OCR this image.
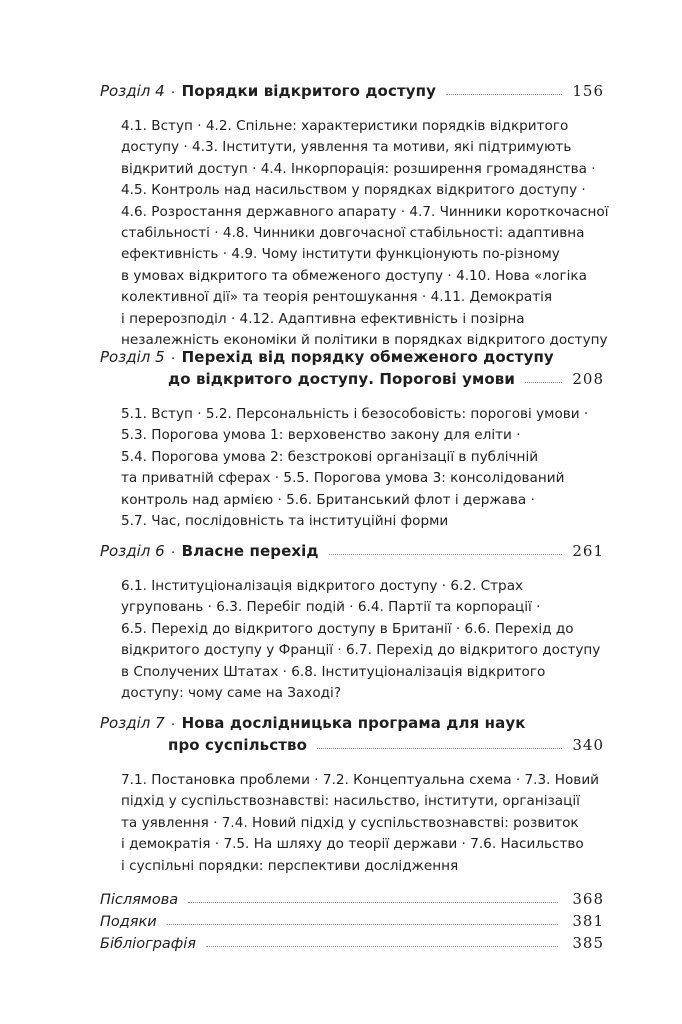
Розділ 4 · Порядки відкритого доступу	156
4.1. Вступ · 4.2. Спільне: характеристики порядків відкритого
доступу · 4.3. Інститути, уявлення та мотиви, які підтримують
відкритий доступ · 4.4. Інкорпорація: розширення громадянства ·
4.5. Контроль над насильством у порядках відкритого доступу ·
4.6. Розростання державного апарату · 4.7. Чинники короткочасної
стабільності · 4.8. Чинники довгочасної стабільності: адаптивна
ефективність · 4.9. Чому інститути функціонують по-різному
в умовах відкритого та обмеженого доступу · 4.10. Нова «логіка
колективної дії» та теорія рентошукання · 4.11. Демократія
і перерозподіл · 4.12. Адаптивна ефективність і позірна
незалежність економіки й політики в порядках відкритого доступу
Розділ 5 · Перехід від порядку обмеженого доступу
до відкритого доступу. Порогові умови	208
5.1. Вступ · 5.2. Персональність і безособовість: порогові умови ·
5.3. Порогова умова 1: верховенство закону для еліти ·
5.4. Порогова умова 2: безстрокові організації в публічній
та приватній сферах · 5.5. Порогова умова 3: консолідований
контроль над армією · 5.6. Британський флот і держава ·
5.7. Час, послідовність та інституційні форми
Розділ 6 · Власне перехід	261
6.1. Інституціоналізація відкритого доступу · 6.2. Страх
угруповань · 6.3. Перебіг подій · 6.4. Партії та корпорації ·
6.5. Перехід до відкритого доступу в Британії · 6.6. Перехід до
відкритого доступу у Франції · 6.7. Перехід до відкритого доступу
в Сполучених Штатах · 6.8. Інституціоналізація відкритого
доступу: чому саме на Заході?
Розділ 7 · Нова дослідницька програма для наук
про суспільство	340
7.1. Постановка проблеми · 7.2. Концептуальна схема · 7.3. Новий
підхід у суспільствознавстві: насильство, інститути, організації
та уявлення · 7.4. Новий підхід у суспільствознавстві: розвиток
і демократія · 7.5. На шляху до теорії держави · 7.6. Насильство
і суспільні порядки: перспективи дослідження
Післямова	368
Подяки	381
Бібліографія	385
